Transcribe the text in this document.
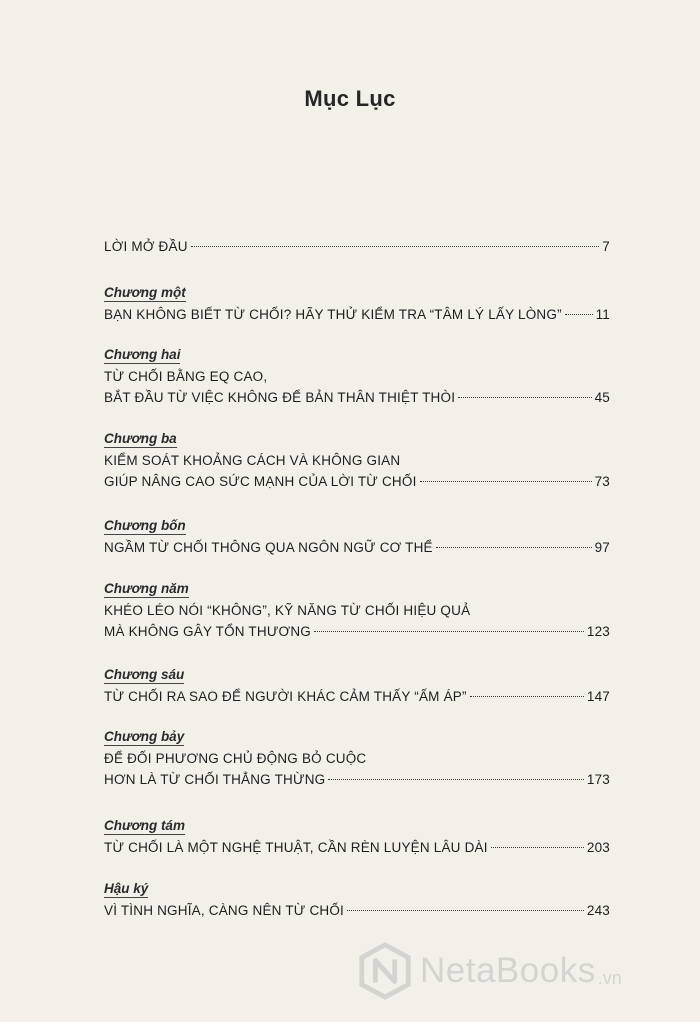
Mục Lục
LỜI MỞ ĐẦU	7
Chương một
BẠN KHÔNG BIẾT TỪ CHỐI? HÃY THỬ KIỂM TRA “TÂM LÝ LẤY LÒNG”	11
Chương hai
TỪ CHỐI BẰNG EQ CAO,
BẮT ĐẦU TỪ VIỆC KHÔNG ĐỂ BẢN THÂN THIỆT THÒI	45
Chương ba
KIỂM SOÁT KHOẢNG CÁCH VÀ KHÔNG GIAN
GIÚP NÂNG CAO SỨC MẠNH CỦA LỜI TỪ CHỐI	73
Chương bốn
NGẦM TỪ CHỐI THÔNG QUA NGÔN NGỮ CƠ THỂ	97
Chương năm
KHÉO LÉO NÓI “KHÔNG”, KỸ NĂNG TỪ CHỐI HIỆU QUẢ
MÀ KHÔNG GÂY TỔN THƯƠNG	123
Chương sáu
TỪ CHỐI RA SAO ĐỂ NGƯỜI KHÁC CẢM THẤY “ẤM ÁP”	147
Chương bảy
ĐỂ ĐỐI PHƯƠNG CHỦ ĐỘNG BỎ CUỘC
HƠN LÀ TỪ CHỐI THẲNG THỪNG	173
Chương tám
TỪ CHỐI LÀ MỘT NGHỆ THUẬT, CẦN RÈN LUYỆN LÂU DÀI	203
Hậu ký
VÌ TÌNH NGHĨA, CÀNG NÊN TỪ CHỐI	243
NetaBooks .vn
